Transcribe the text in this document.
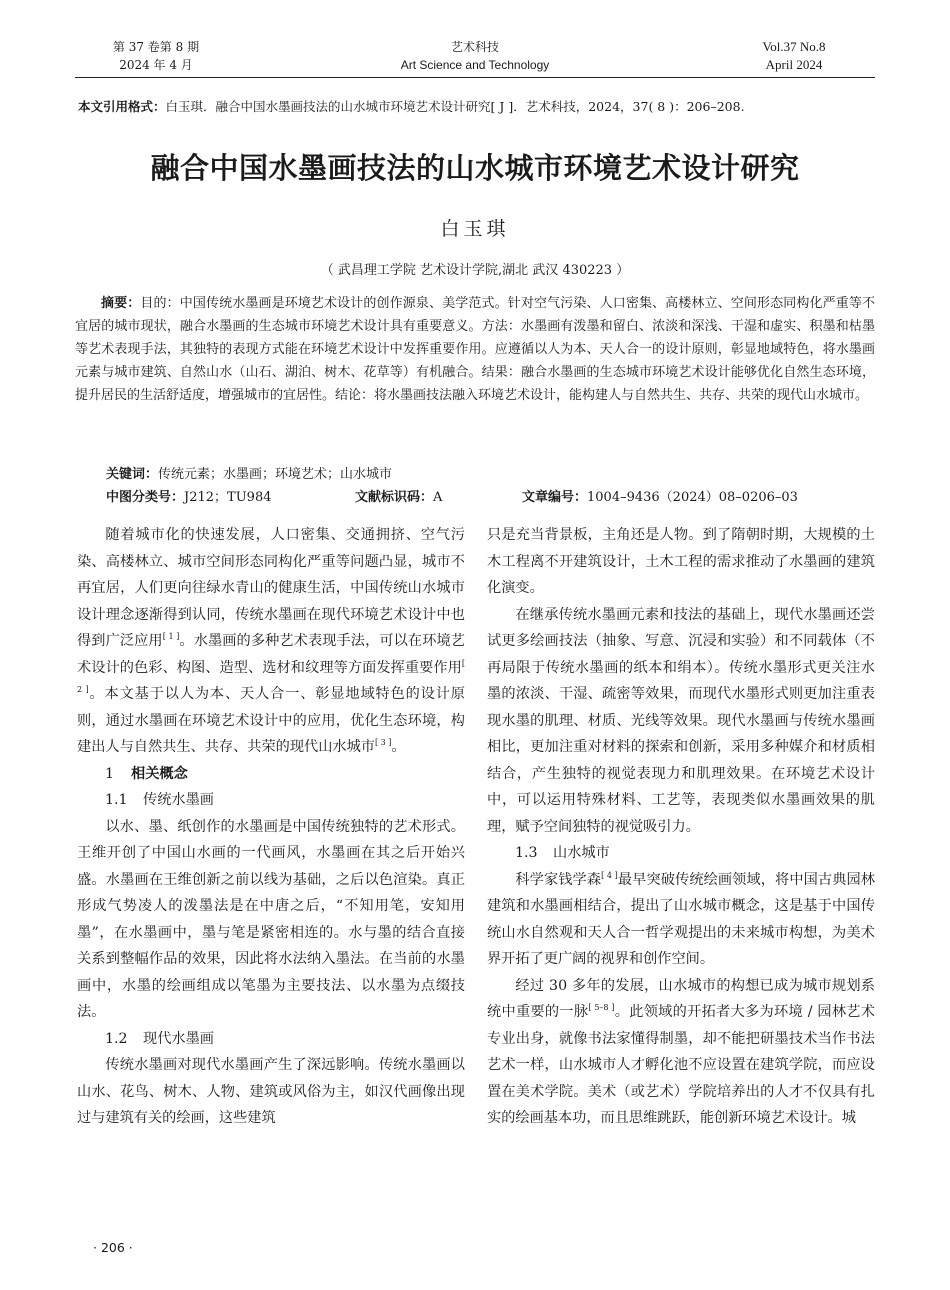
第 37 卷第 8 期
2024 年 4 月
艺术科技
Art Science and Technology
Vol.37 No.8
April 2024
本文引用格式：白玉琪．融合中国水墨画技法的山水城市环境艺术设计研究[ J ]．艺术科技，2024，37( 8 )：206–208.
融合中国水墨画技法的山水城市环境艺术设计研究
白玉琪
（ 武昌理工学院 艺术设计学院,湖北 武汉 430223 ）
摘要：目的：中国传统水墨画是环境艺术设计的创作源泉、美学范式。针对空气污染、人口密集、高楼林立、空间形态同构化严重等不宜居的城市现状，融合水墨画的生态城市环境艺术设计具有重要意义。方法：水墨画有泼墨和留白、浓淡和深浅、干湿和虚实、积墨和枯墨等艺术表现手法，其独特的表现方式能在环境艺术设计中发挥重要作用。应遵循以人为本、天人合一的设计原则，彰显地域特色，将水墨画元素与城市建筑、自然山水（山石、湖泊、树木、花草等）有机融合。结果：融合水墨画的生态城市环境艺术设计能够优化自然生态环境，提升居民的生活舒适度，增强城市的宜居性。结论：将水墨画技法融入环境艺术设计，能构建人与自然共生、共存、共荣的现代山水城市。
关键词：传统元素；水墨画；环境艺术；山水城市
中图分类号：J212；TU984	文献标识码：A	文章编号：1004–9436（2024）08–0206–03

随着城市化的快速发展，人口密集、交通拥挤、空气污染、高楼林立、城市空间形态同构化严重等问题凸显，城市不再宜居，人们更向往绿水青山的健康生活，中国传统山水城市设计理念逐渐得到认同，传统水墨画在现代环境艺术设计中也得到广泛应用[ 1 ]。水墨画的多种艺术表现手法，可以在环境艺术设计的色彩、构图、造型、选材和纹理等方面发挥重要作用[ 2 ]。本文基于以人为本、天人合一、彰显地域特色的设计原则，通过水墨画在环境艺术设计中的应用，优化生态环境，构建出人与自然共生、共存、共荣的现代山水城市[ 3 ]。

1 相关概念

1.1 传统水墨画

以水、墨、纸创作的水墨画是中国传统独特的艺术形式。王维开创了中国山水画的一代画风，水墨画在其之后开始兴盛。水墨画在王维创新之前以线为基础，之后以色渲染。真正形成气势凌人的泼墨法是在中唐之后，“不知用笔，安知用墨”，在水墨画中，墨与笔是紧密相连的。水与墨的结合直接关系到整幅作品的效果，因此将水法纳入墨法。在当前的水墨画中，水墨的绘画组成以笔墨为主要技法、以水墨为点缀技法。

1.2 现代水墨画

传统水墨画对现代水墨画产生了深远影响。传统水墨画以山水、花鸟、树木、人物、建筑或风俗为主，如汉代画像出现过与建筑有关的绘画，这些建筑

只是充当背景板，主角还是人物。到了隋朝时期，大规模的土木工程离不开建筑设计，土木工程的需求推动了水墨画的建筑化演变。

在继承传统水墨画元素和技法的基础上，现代水墨画还尝试更多绘画技法（抽象、写意、沉浸和实验）和不同载体（不再局限于传统水墨画的纸本和绢本）。传统水墨形式更关注水墨的浓淡、干湿、疏密等效果，而现代水墨形式则更加注重表现水墨的肌理、材质、光线等效果。现代水墨画与传统水墨画相比，更加注重对材料的探索和创新，采用多种媒介和材质相结合，产生独特的视觉表现力和肌理效果。在环境艺术设计中，可以运用特殊材料、工艺等，表现类似水墨画效果的肌理，赋予空间独特的视觉吸引力。

1.3 山水城市

科学家钱学森[ 4 ]最早突破传统绘画领域，将中国古典园林建筑和水墨画相结合，提出了山水城市概念，这是基于中国传统山水自然观和天人合一哲学观提出的未来城市构想，为美术界开拓了更广阔的视界和创作空间。

经过 30 多年的发展，山水城市的构想已成为城市规划系统中重要的一脉[ 5–8 ]。此领域的开拓者大多为环境 / 园林艺术专业出身，就像书法家懂得制墨，却不能把研墨技术当作书法艺术一样，山水城市人才孵化池不应设置在建筑学院，而应设置在美术学院。美术（或艺术）学院培养出的人才不仅具有扎实的绘画基本功，而且思维跳跃，能创新环境艺术设计。城

· 206 ·
